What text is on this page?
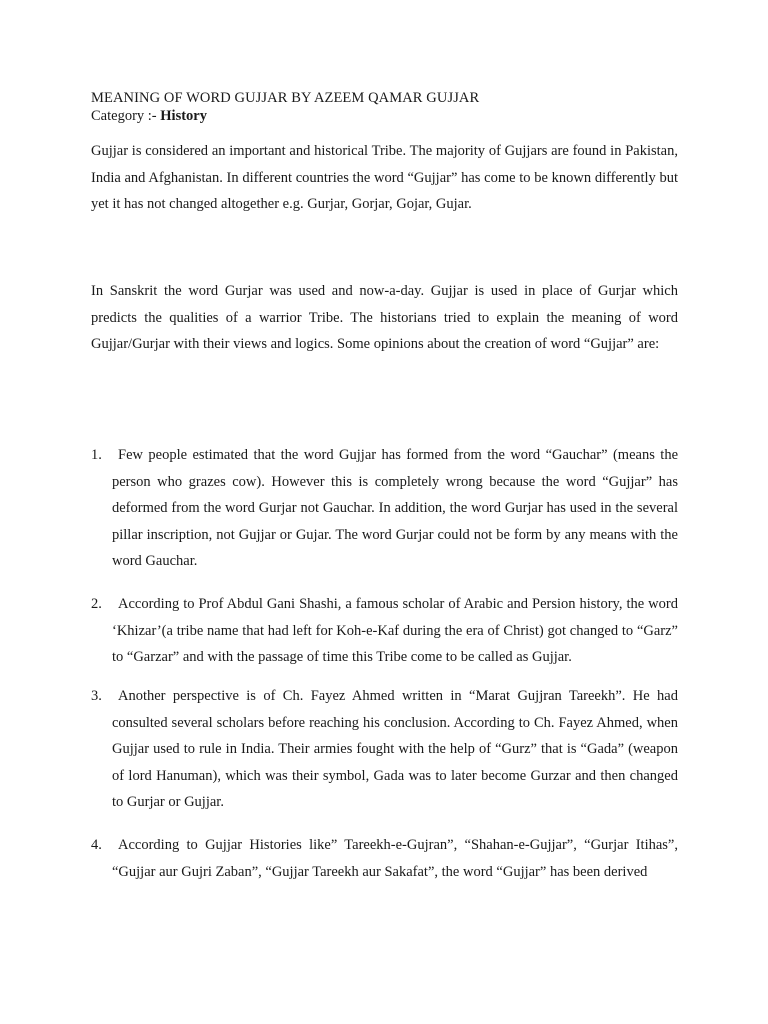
MEANING OF WORD GUJJAR BY AZEEM QAMAR GUJJAR
Category :- History

Gujjar is considered an important and historical Tribe. The majority of Gujjars are found in Pakistan, India and Afghanistan. In different countries the word “Gujjar” has come to be known differently but yet it has not changed altogether e.g. Gurjar, Gorjar, Gojar, Gujar.

In Sanskrit the word Gurjar was used and now-a-day. Gujjar is used in place of Gurjar which predicts the qualities of a warrior Tribe. The historians tried to explain the meaning of word Gujjar/Gurjar with their views and logics. Some opinions about the creation of word “Gujjar” are:

1.	Few people estimated that the word Gujjar has formed from the word “Gauchar” (means the person who grazes cow). However this is completely wrong because the word “Gujjar” has deformed from the word Gurjar not Gauchar. In addition, the word Gurjar has used in the several pillar inscription, not Gujjar or Gujar. The word Gurjar could not be form by any means with the word Gauchar.
2.	According to Prof Abdul Gani Shashi, a famous scholar of Arabic and Persion history, the word ‘Khizar’(a tribe name that had left for Koh-e-Kaf during the era of Christ) got changed to “Garz” to “Garzar” and with the passage of time this Tribe come to be called as Gujjar.
3.	Another perspective is of Ch. Fayez Ahmed written in “Marat Gujjran Tareekh”. He had consulted several scholars before reaching his conclusion. According to Ch. Fayez Ahmed, when Gujjar used to rule in India. Their armies fought with the help of “Gurz” that is “Gada” (weapon of lord Hanuman), which was their symbol, Gada was to later become Gurzar and then changed to Gurjar or Gujjar.
4.	According to Gujjar Histories like” Tareekh-e-Gujran”, “Shahan-e-Gujjar”, “Gurjar Itihas”, “Gujjar aur Gujri Zaban”, “Gujjar Tareekh aur Sakafat”, the word “Gujjar” has been derived
